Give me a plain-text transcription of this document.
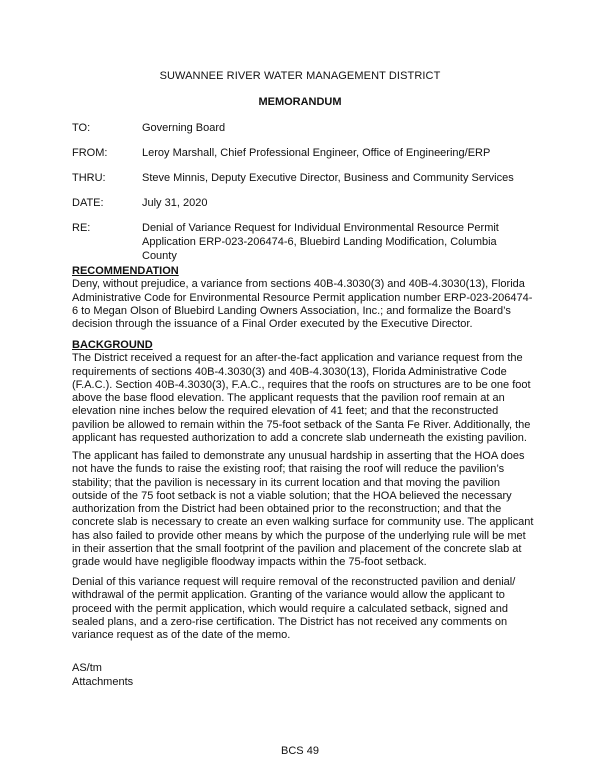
SUWANNEE RIVER WATER MANAGEMENT DISTRICT
MEMORANDUM
TO:	Governing Board
FROM:	Leroy Marshall, Chief Professional Engineer, Office of Engineering/ERP
THRU:	Steve Minnis, Deputy Executive Director, Business and Community Services
DATE:	July 31, 2020
RE:	Denial of Variance Request for Individual Environmental Resource Permit Application ERP-023-206474-6, Bluebird Landing Modification, Columbia County
RECOMMENDATION

Deny, without prejudice, a variance from sections 40B-4.3030(3) and 40B-4.3030(13), Florida Administrative Code for Environmental Resource Permit application number ERP-023-206474-6 to Megan Olson of Bluebird Landing Owners Association, Inc.; and formalize the Board’s decision through the issuance of a Final Order executed by the Executive Director.

BACKGROUND

The District received a request for an after-the-fact application and variance request from the requirements of sections 40B-4.3030(3) and 40B-4.3030(13), Florida Administrative Code (F.A.C.). Section 40B-4.3030(3), F.A.C., requires that the roofs on structures are to be one foot above the base flood elevation. The applicant requests that the pavilion roof remain at an elevation nine inches below the required elevation of 41 feet; and that the reconstructed pavilion be allowed to remain within the 75-foot setback of the Santa Fe River. Additionally, the applicant has requested authorization to add a concrete slab underneath the existing pavilion.

The applicant has failed to demonstrate any unusual hardship in asserting that the HOA does not have the funds to raise the existing roof; that raising the roof will reduce the pavilion’s stability; that the pavilion is necessary in its current location and that moving the pavilion outside of the 75 foot setback is not a viable solution; that the HOA believed the necessary authorization from the District had been obtained prior to the reconstruction; and that the concrete slab is necessary to create an even walking surface for community use. The applicant has also failed to provide other means by which the purpose of the underlying rule will be met in their assertion that the small footprint of the pavilion and placement of the concrete slab at grade would have negligible floodway impacts within the 75-foot setback.

Denial of this variance request will require removal of the reconstructed pavilion and denial/ withdrawal of the permit application. Granting of the variance would allow the applicant to proceed with the permit application, which would require a calculated setback, signed and sealed plans, and a zero-rise certification. The District has not received any comments on variance request as of the date of the memo.

AS/tm
Attachments
BCS 49
